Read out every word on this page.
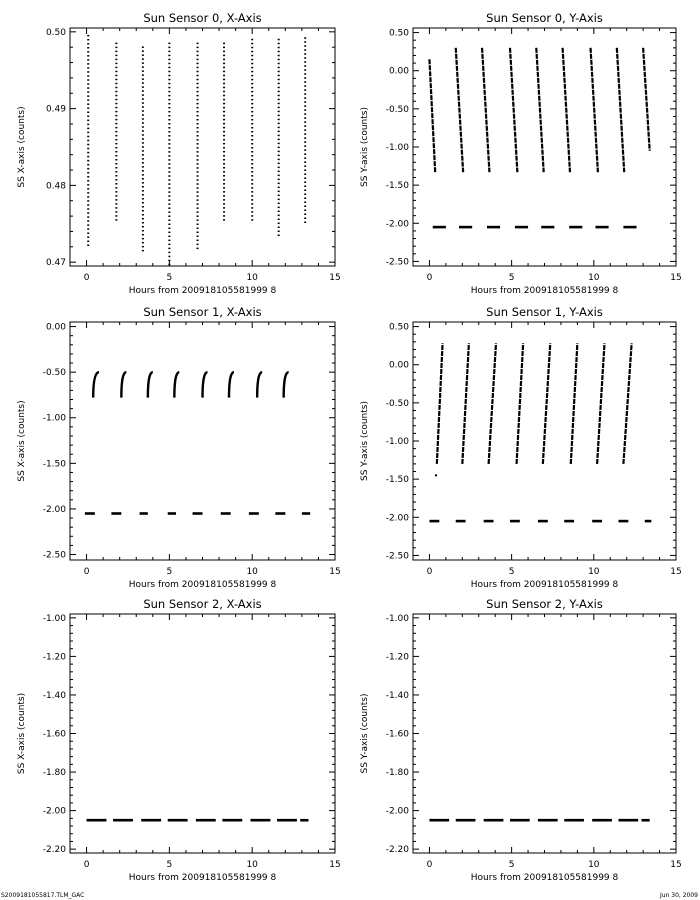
Sun Sensor 0, X-Axis
Hours from 200918105581999 8
SS X-axis (counts)
0	5	10	15
0.47
0.48
0.49
0.50
Sun Sensor 0, Y-Axis
Hours from 200918105581999 8
SS Y-axis (counts)
0	5	10	15
0.50
0.00
-0.50
-1.00
-1.50
-2.00
-2.50
Sun Sensor 1, X-Axis
Hours from 200918105581999 8
SS X-axis (counts)
0	5	10	15
0.00
-0.50
-1.00
-1.50
-2.00
-2.50
Sun Sensor 1, Y-Axis
Hours from 200918105581999 8
SS Y-axis (counts)
0	5	10	15
0.50
0.00
-0.50
-1.00
-1.50
-2.00
-2.50
Sun Sensor 2, X-Axis
Hours from 200918105581999 8
SS X-axis (counts)
0	5	10	15
-1.00
-1.20
-1.40
-1.60
-1.80
-2.00
-2.20
Sun Sensor 2, Y-Axis
Hours from 200918105581999 8
SS Y-axis (counts)
0	5	10	15
-1.00
-1.20
-1.40
-1.60
-1.80
-2.00
-2.20
S2009181055817.TLM_GAC	Jun 30, 2009
